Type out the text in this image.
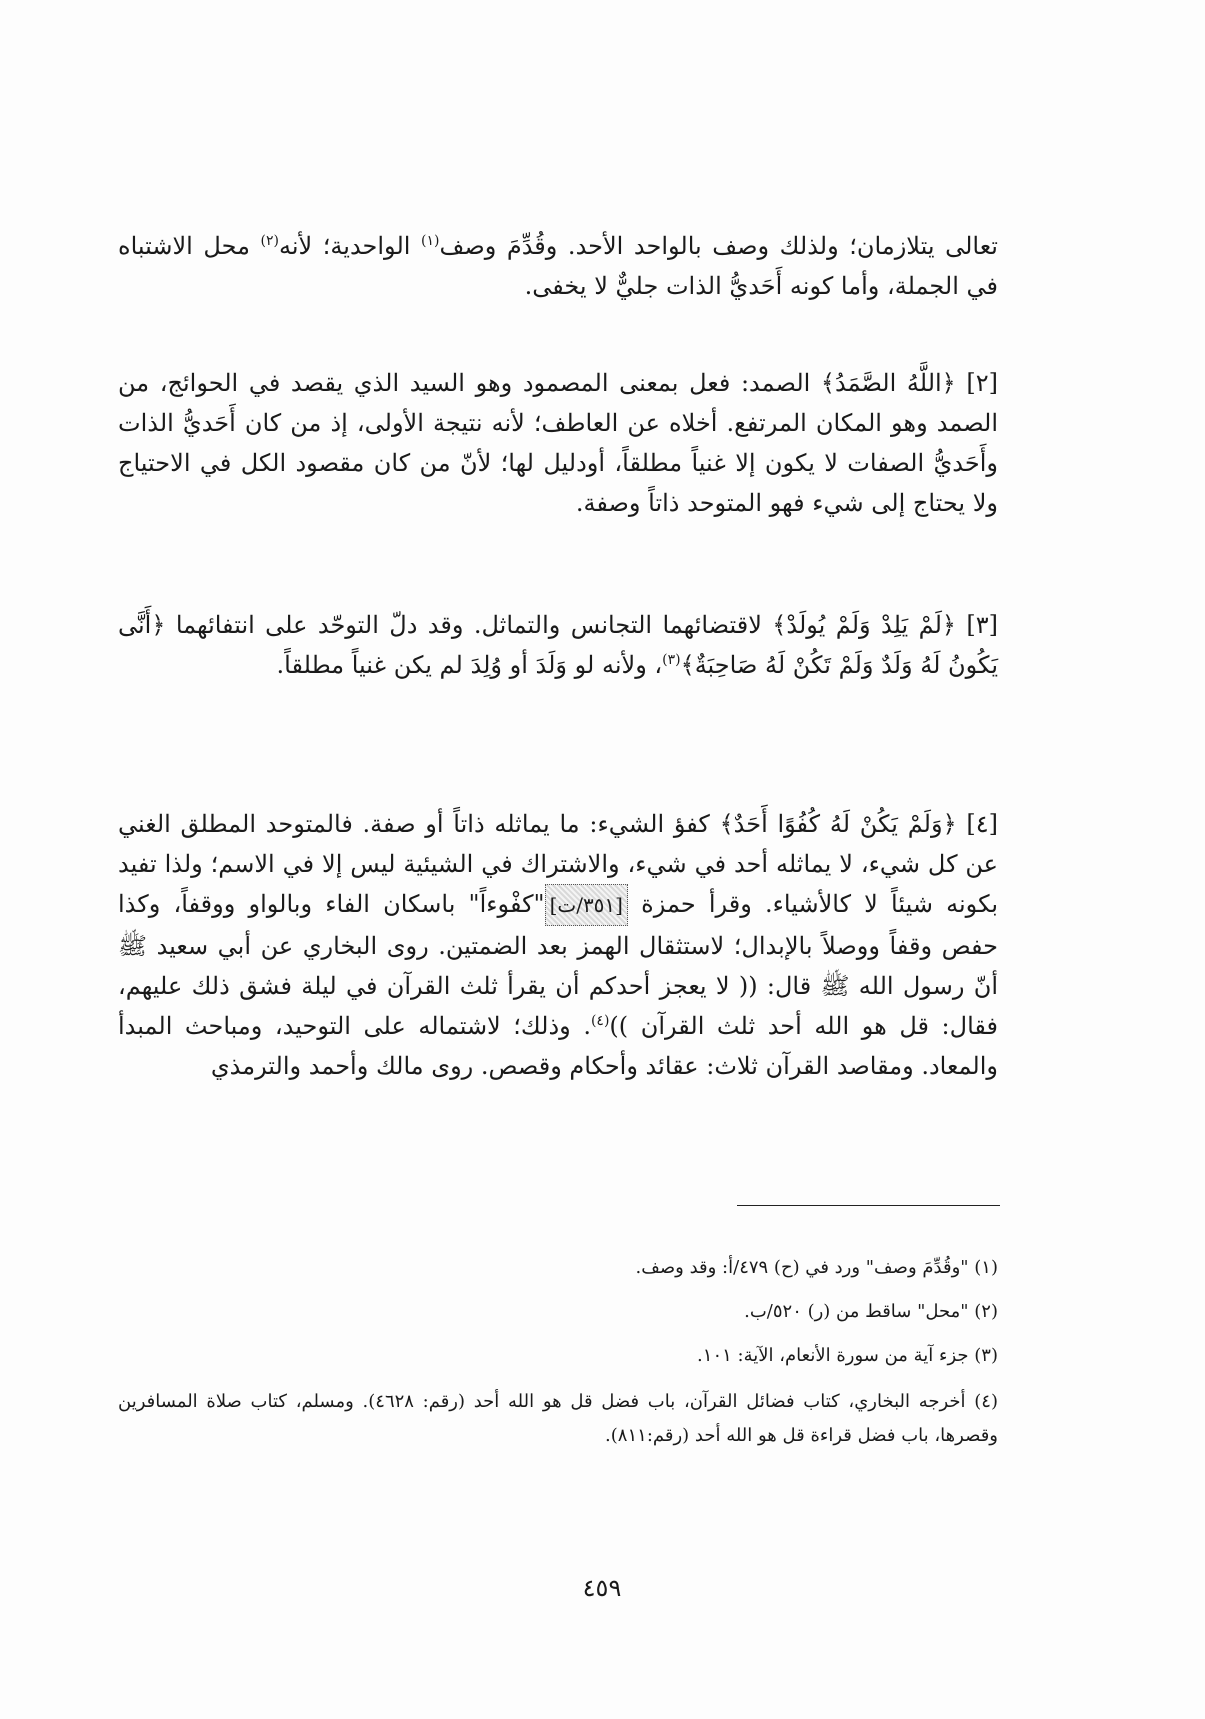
تعالى يتلازمان؛ ولذلك وصف بالواحد الأحد. وقُدِّمَ وصف$^{(١)}$ الواحدية؛ لأنه$^{(٢)}$ محل الاشتباه في الجملة، وأما كونه أَحَديُّ الذات جليٌّ لا يخفى.

[٢] ﴿اللَّهُ الصَّمَدُ﴾ الصمد: فعل بمعنى المصمود وهو السيد الذي يقصد في الحوائج، من الصمد وهو المكان المرتفع. أخلاه عن العاطف؛ لأنه نتيجة الأولى، إذ من كان أَحَديُّ الذات وأَحَديُّ الصفات لا يكون إلا غنياً مطلقاً، أودليل لها؛ لأنّ من كان مقصود الكل في الاحتياج ولا يحتاج إلى شيء فهو المتوحد ذاتاً وصفة.

[٣] ﴿لَمْ يَلِدْ وَلَمْ يُولَدْ﴾ لاقتضائهما التجانس والتماثل. وقد دلّ التوحّد على انتفائهما ﴿أَنَّى يَكُونُ لَهُ وَلَدٌ وَلَمْ تَكُنْ لَهُ صَاحِبَةٌ﴾$^{(٣)}$، ولأنه لو وَلَدَ أو وُلِدَ لم يكن غنياً مطلقاً.

[٤] ﴿وَلَمْ يَكُنْ لَهُ كُفُوًا أَحَدٌ﴾ كفؤ الشيء: ما يماثله ذاتاً أو صفة. فالمتوحد المطلق الغني عن كل شيء، لا يماثله أحد في شيء، والاشتراك في الشيئية ليس إلا في الاسم؛ ولذا تفيد بكونه شيئاً لا كالأشياء. وقرأ حمزة [٣٥١/ت]"كفْوءاً" باسكان الفاء وبالواو ووقفاً، وكذا حفص وقفاً ووصلاً بالإبدال؛ لاستثقال الهمز بعد الضمتين. روى البخاري عن أبي سعيد ﷺ أنّ رسول الله ﷺ قال: (( لا يعجز أحدكم أن يقرأ ثلث القرآن في ليلة فشق ذلك عليهم، فقال: قل هو الله أحد ثلث القرآن ))$^{(٤)}$. وذلك؛ لاشتماله على التوحيد، ومباحث المبدأ والمعاد. ومقاصد القرآن ثلاث: عقائد وأحكام وقصص. روى مالك وأحمد والترمذي

(١) "وقُدِّمَ وصف" ورد في (ح) ٤٧٩/أ: وقد وصف.

(٢) "محل" ساقط من (ر) ٥٢٠/ب.

(٣) جزء آية من سورة الأنعام، الآية: ١٠١.

(٤) أخرجه البخاري، كتاب فضائل القرآن، باب فضل قل هو الله أحد (رقم: ٤٦٢٨). ومسلم، كتاب صلاة المسافرين وقصرها، باب فضل قراءة قل هو الله أحد (رقم:٨١١).

٤٥٩
